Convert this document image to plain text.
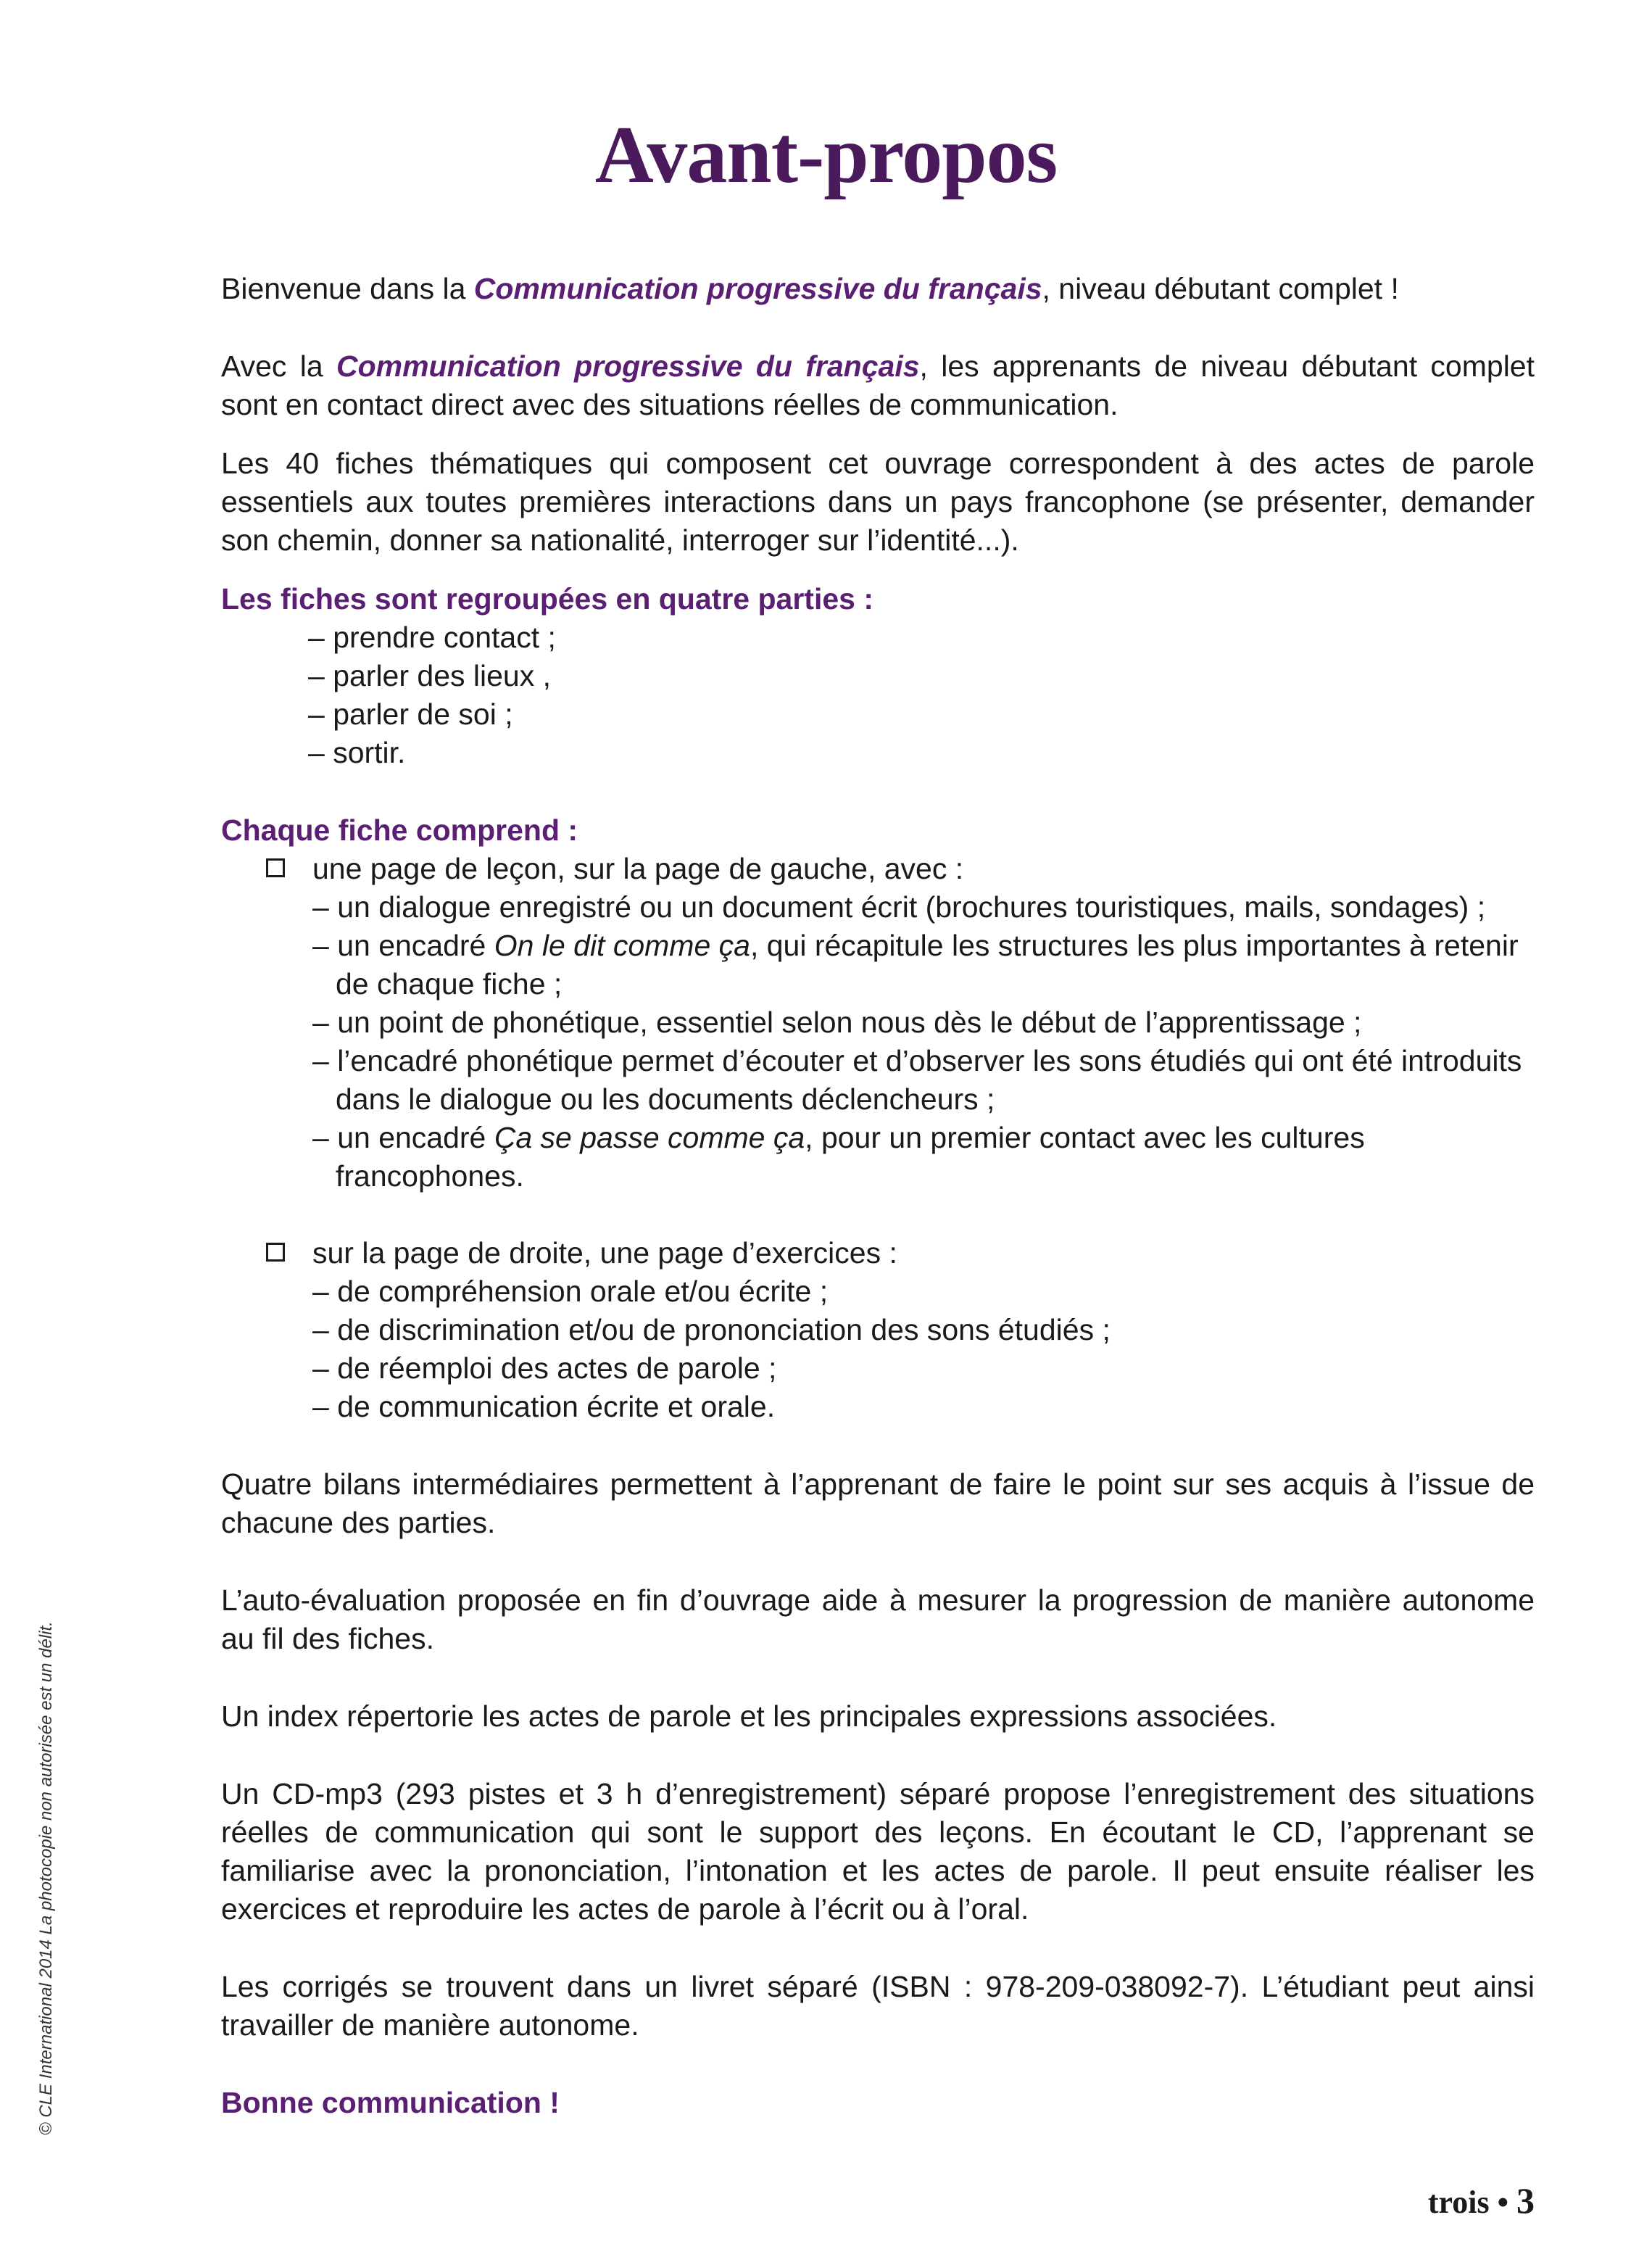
Avant-propos

Bienvenue dans la Communication progressive du français, niveau débutant complet !

Avec la Communication progressive du français, les apprenants de niveau débutant complet sont en contact direct avec des situations réelles de communication.

Les 40 fiches thématiques qui composent cet ouvrage correspondent à des actes de parole essentiels aux toutes premières interactions dans un pays francophone (se présenter, demander son chemin, donner sa nationalité, interroger sur l’identité...).

Les fiches sont regroupées en quatre parties :

– prendre contact ;
– parler des lieux ,
– parler de soi ;
– sortir.

Chaque fiche comprend :

une page de leçon, sur la page de gauche, avec :
– un dialogue enregistré ou un document écrit (brochures touristiques, mails, sondages) ;
– un encadré On le dit comme ça, qui récapitule les structures les plus importantes à retenir de chaque fiche ;
– un point de phonétique, essentiel selon nous dès le début de l’apprentissage ;
– l’encadré phonétique permet d’écouter et d’observer les sons étudiés qui ont été introduits dans le dialogue ou les documents déclencheurs ;
– un encadré Ça se passe comme ça, pour un premier contact avec les cultures francophones.
sur la page de droite, une page d’exercices :
– de compréhension orale et/ou écrite ;
– de discrimination et/ou de prononciation des sons étudiés ;
– de réemploi des actes de parole ;
– de communication écrite et orale.

Quatre bilans intermédiaires permettent à l’apprenant de faire le point sur ses acquis à l’issue de chacune des parties.

L’auto-évaluation proposée en fin d’ouvrage aide à mesurer la progression de manière autonome au fil des fiches.

Un index répertorie les actes de parole et les principales expressions associées.

Un CD-mp3 (293 pistes et 3 h d’enregistrement) séparé propose l’enregistrement des situations réelles de communication qui sont le support des leçons. En écoutant le CD, l’apprenant se familiarise avec la prononciation, l’intonation et les actes de parole. Il peut ensuite réaliser les exercices et reproduire les actes de parole à l’écrit ou à l’oral.

Les corrigés se trouvent dans un livret séparé (ISBN : 978-209-038092-7). L’étudiant peut ainsi travailler de manière autonome.

Bonne communication !

© CLE International 2014 La photocopie non autorisée est un délit.
trois • 3
